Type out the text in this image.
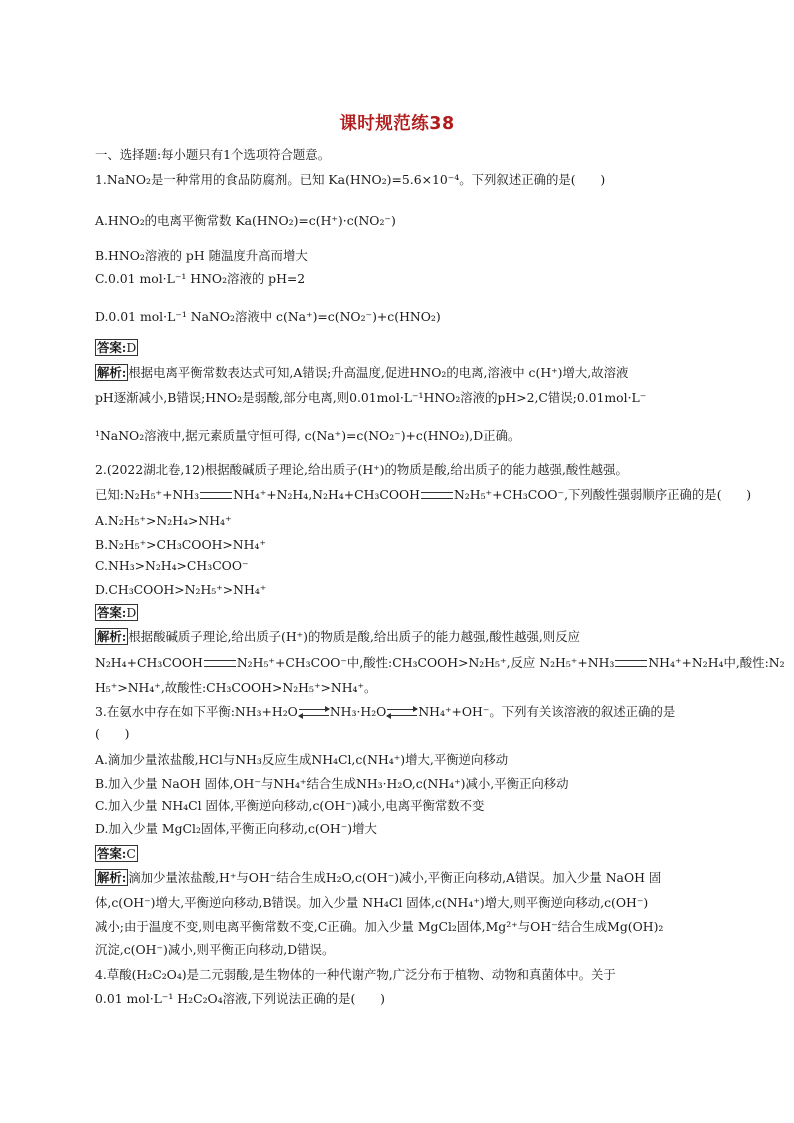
课时规范练38
一、选择题:每小题只有1个选项符合题意。
1.NaNO₂是一种常用的食品防腐剂。已知 Ka(HNO₂)=5.6×10⁻⁴。下列叙述正确的是(　　)
A.HNO₂的电离平衡常数 Ka(HNO₂)=c(H⁺)·c(NO₂⁻)
B.HNO₂溶液的 pH 随温度升高而增大
C.0.01 mol·L⁻¹ HNO₂溶液的 pH=2
D.0.01 mol·L⁻¹ NaNO₂溶液中 c(Na⁺)=c(NO₂⁻)+c(HNO₂)
答案:D
解析: 根据电离平衡常数表达式可知,A错误;升高温度,促进HNO₂的电离,溶液中 c(H⁺)增大,故溶液
pH逐渐减小,B错误;HNO₂是弱酸,部分电离,则0.01mol·L⁻¹HNO₂溶液的pH>2,C错误;0.01mol·L⁻
¹NaNO₂溶液中,据元素质量守恒可得, c(Na⁺)=c(NO₂⁻)+c(HNO₂),D正确。
2.(2022湖北卷,12)根据酸碱质子理论,给出质子(H⁺)的物质是酸,给出质子的能力越强,酸性越强。
已知:N₂H₅⁺+NH₃	NH₄⁺+N₂H₄,N₂H₄+CH₃COOH	N₂H₅⁺+CH₃COO⁻,下列酸性强弱顺序正确的是(　　)
A.N₂H₅⁺>N₂H₄>NH₄⁺
B.N₂H₅⁺>CH₃COOH>NH₄⁺
C.NH₃>N₂H₄>CH₃COO⁻
D.CH₃COOH>N₂H₅⁺>NH₄⁺
答案:D
解析: 根据酸碱质子理论,给出质子(H⁺)的物质是酸,给出质子的能力越强,酸性越强,则反应
N₂H₄+CH₃COOH	N₂H₅⁺+CH₃COO⁻中,酸性:CH₃COOH>N₂H₅⁺,反应 N₂H₅⁺+NH₃	NH₄⁺+N₂H₄中,酸性:N₂
H₅⁺>NH₄⁺,故酸性:CH₃COOH>N₂H₅⁺>NH₄⁺。
3.在氨水中存在如下平衡:NH₃+H₂O	NH₃·H₂O	NH₄⁺+OH⁻。下列有关该溶液的叙述正确的是
(　　)
A.滴加少量浓盐酸,HCl与NH₃反应生成NH₄Cl,c(NH₄⁺)增大,平衡逆向移动
B.加入少量 NaOH 固体,OH⁻与NH₄⁺结合生成NH₃·H₂O,c(NH₄⁺)减小,平衡正向移动
C.加入少量 NH₄Cl 固体,平衡逆向移动,c(OH⁻)减小,电离平衡常数不变
D.加入少量 MgCl₂固体,平衡正向移动,c(OH⁻)增大
答案:C
解析: 滴加少量浓盐酸,H⁺与OH⁻结合生成H₂O,c(OH⁻)减小,平衡正向移动,A错误。加入少量 NaOH 固
体,c(OH⁻)增大,平衡逆向移动,B错误。加入少量 NH₄Cl 固体,c(NH₄⁺)增大,则平衡逆向移动,c(OH⁻)
减小;由于温度不变,则电离平衡常数不变,C正确。加入少量 MgCl₂固体,Mg²⁺与OH⁻结合生成Mg(OH)₂
沉淀,c(OH⁻)减小,则平衡正向移动,D错误。
4.草酸(H₂C₂O₄)是二元弱酸,是生物体的一种代谢产物,广泛分布于植物、动物和真菌体中。关于
0.01 mol·L⁻¹ H₂C₂O₄溶液,下列说法正确的是(　　)
